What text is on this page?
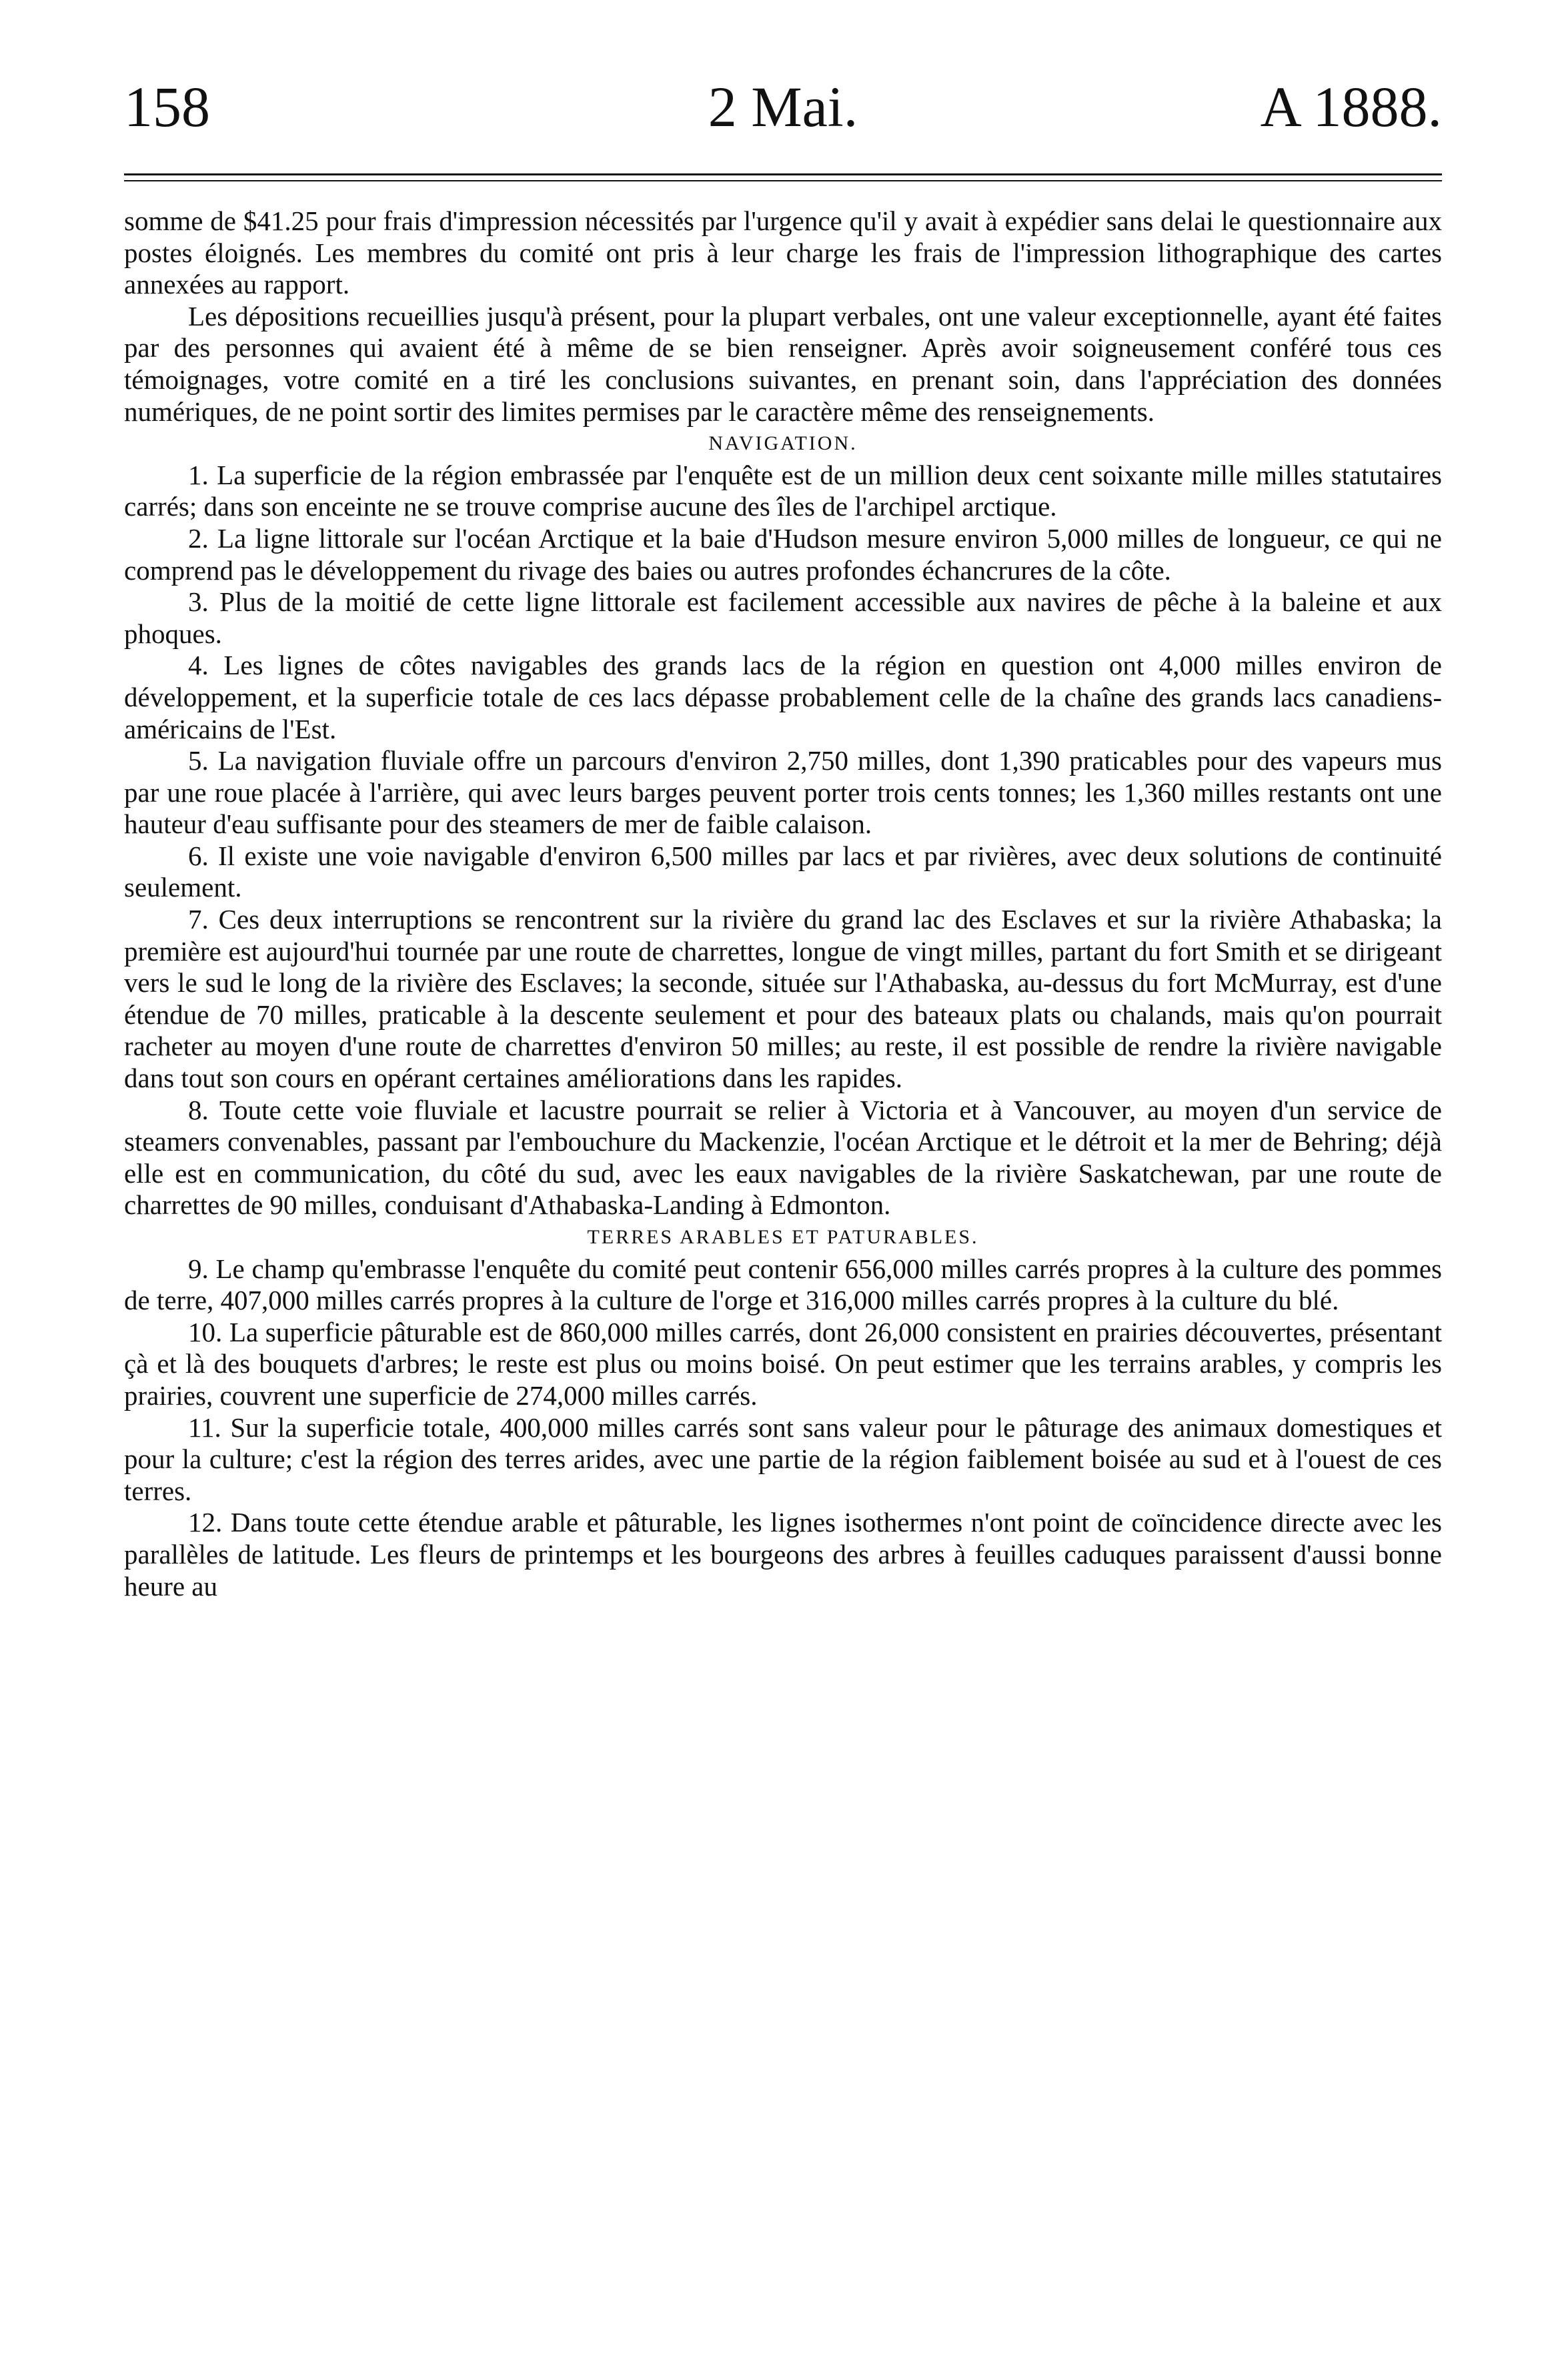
158	2 Mai.	A 1888.

somme de $41.25 pour frais d'impression nécessités par l'urgence qu'il y avait à expédier sans delai le questionnaire aux postes éloignés. Les membres du comité ont pris à leur charge les frais de l'impression lithographique des cartes annexées au rapport.

Les dépositions recueillies jusqu'à présent, pour la plupart verbales, ont une valeur exceptionnelle, ayant été faites par des personnes qui avaient été à même de se bien renseigner. Après avoir soigneusement conféré tous ces témoignages, votre comité en a tiré les conclusions suivantes, en prenant soin, dans l'appréciation des données numériques, de ne point sortir des limites permises par le caractère même des renseignements.

NAVIGATION.

1. La superficie de la région embrassée par l'enquête est de un million deux cent soixante mille milles statutaires carrés; dans son enceinte ne se trouve comprise aucune des îles de l'archipel arctique.

2. La ligne littorale sur l'océan Arctique et la baie d'Hudson mesure environ 5,000 milles de longueur, ce qui ne comprend pas le développement du rivage des baies ou autres profondes échancrures de la côte.

3. Plus de la moitié de cette ligne littorale est facilement accessible aux navires de pêche à la baleine et aux phoques.

4. Les lignes de côtes navigables des grands lacs de la région en question ont 4,000 milles environ de développement, et la superficie totale de ces lacs dépasse probablement celle de la chaîne des grands lacs canadiens-américains de l'Est.

5. La navigation fluviale offre un parcours d'environ 2,750 milles, dont 1,390 praticables pour des vapeurs mus par une roue placée à l'arrière, qui avec leurs barges peuvent porter trois cents tonnes; les 1,360 milles restants ont une hauteur d'eau suffisante pour des steamers de mer de faible calaison.

6. Il existe une voie navigable d'environ 6,500 milles par lacs et par rivières, avec deux solutions de continuité seulement.

7. Ces deux interruptions se rencontrent sur la rivière du grand lac des Esclaves et sur la rivière Athabaska; la première est aujourd'hui tournée par une route de charrettes, longue de vingt milles, partant du fort Smith et se dirigeant vers le sud le long de la rivière des Esclaves; la seconde, située sur l'Athabaska, au-dessus du fort McMurray, est d'une étendue de 70 milles, praticable à la descente seulement et pour des bateaux plats ou chalands, mais qu'on pourrait racheter au moyen d'une route de charrettes d'environ 50 milles; au reste, il est possible de rendre la rivière navigable dans tout son cours en opérant certaines améliorations dans les rapides.

8. Toute cette voie fluviale et lacustre pourrait se relier à Victoria et à Vancouver, au moyen d'un service de steamers convenables, passant par l'embouchure du Mackenzie, l'océan Arctique et le détroit et la mer de Behring; déjà elle est en communication, du côté du sud, avec les eaux navigables de la rivière Saskatchewan, par une route de charrettes de 90 milles, conduisant d'Athabaska-Landing à Edmonton.

TERRES ARABLES ET PATURABLES.

9. Le champ qu'embrasse l'enquête du comité peut contenir 656,000 milles carrés propres à la culture des pommes de terre, 407,000 milles carrés propres à la culture de l'orge et 316,000 milles carrés propres à la culture du blé.

10. La superficie pâturable est de 860,000 milles carrés, dont 26,000 consistent en prairies découvertes, présentant çà et là des bouquets d'arbres; le reste est plus ou moins boisé. On peut estimer que les terrains arables, y compris les prairies, couvrent une superficie de 274,000 milles carrés.

11. Sur la superficie totale, 400,000 milles carrés sont sans valeur pour le pâturage des animaux domestiques et pour la culture; c'est la région des terres arides, avec une partie de la région faiblement boisée au sud et à l'ouest de ces terres.

12. Dans toute cette étendue arable et pâturable, les lignes isothermes n'ont point de coïncidence directe avec les parallèles de latitude. Les fleurs de printemps et les bourgeons des arbres à feuilles caduques paraissent d'aussi bonne heure au
